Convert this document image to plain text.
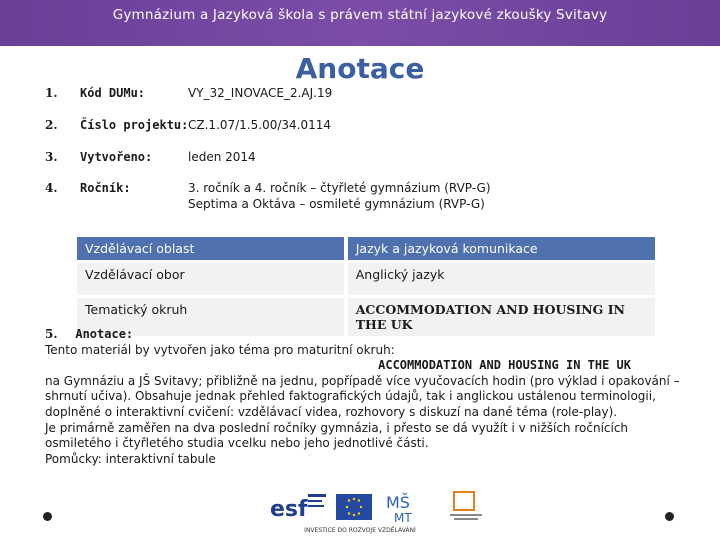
Gymnázium a Jazyková škola s právem státní jazykové zkoušky Svitavy
Anotace
1. Kód DUMu:	VY_32_INOVACE_2.AJ.19
2. Číslo projektu: CZ.1.07/1.5.00/34.0114
3. Vytvořeno:	leden 2014
4. Ročník:	3. ročník a 4. ročník – čtyřleté gymnázium (RVP-G)
Septima a Oktáva – osmileté gymnázium (RVP-G)
Vzdělávací oblast	Jazyk a jazyková komunikace
Vzdělávací obor	Anglický jazyk
Tematický okruh	ACCOMMODATION AND HOUSING IN THE UK
5. Anotace:
Tento materiál by vytvořen jako téma pro maturitní okruh:
ACCOMMODATION AND HOUSING IN THE UK
na Gymnáziu a JŠ Svitavy; přibližně na jednu, popřípadě více vyučovacích hodin (pro výklad i opakování – shrnutí učiva). Obsahuje jednak přehled faktografických údajů, tak i anglickou ustálenou terminologii, doplněné o interaktivní cvičení: vzdělávací videa, rozhovory s diskuzí na dané téma (role-play).
Je primárně zaměřen na dva poslední ročníky gymnázia, i přesto se dá využít i v nižších ročnících osmiletého i čtyřletého studia vcelku nebo jeho jednotlivé části.
Pomůcky: interaktivní tabule
esf	MŠ
MT
INVESTICE DO ROZVOJE VZDĚLÁVÁNÍ
